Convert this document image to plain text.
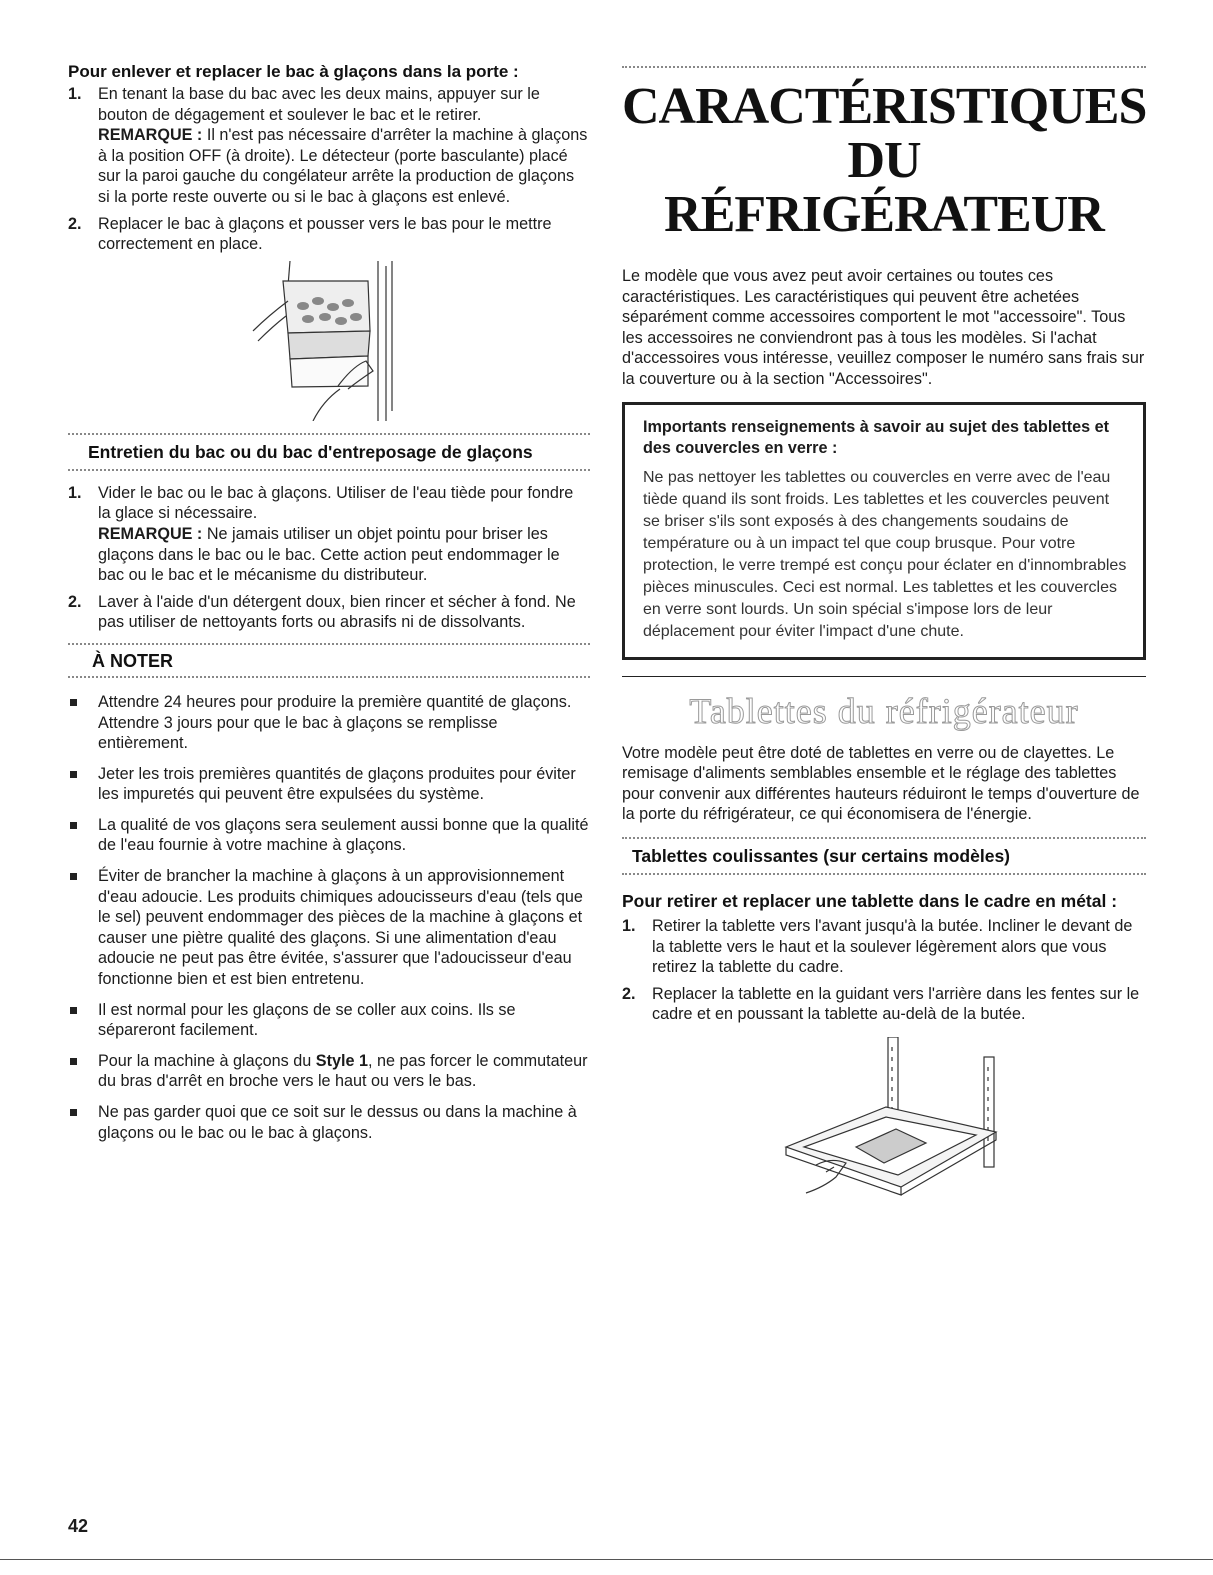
Pour enlever et replacer le bac à glaçons dans la porte :
1. En tenant la base du bac avec les deux mains, appuyer sur le bouton de dégagement et soulever le bac et le retirer.

REMARQUE : Il n'est pas nécessaire d'arrêter la machine à glaçons à la position OFF (à droite). Le détecteur (porte basculante) placé sur la paroi gauche du congélateur arrête la production de glaçons si la porte reste ouverte ou si le bac à glaçons est enlevé.

2. Replacer le bac à glaçons et pousser vers le bas pour le mettre correctement en place.

Entretien du bac ou du bac d'entreposage de glaçons
1. Vider le bac ou le bac à glaçons. Utiliser de l'eau tiède pour fondre la glace si nécessaire.

REMARQUE : Ne jamais utiliser un objet pointu pour briser les glaçons dans le bac ou le bac. Cette action peut endommager le bac ou le bac et le mécanisme du distributeur.

2. Laver à l'aide d'un détergent doux, bien rincer et sécher à fond. Ne pas utiliser de nettoyants forts ou abrasifs ni de dissolvants.

À NOTER
Attendre 24 heures pour produire la première quantité de glaçons. Attendre 3 jours pour que le bac à glaçons se remplisse entièrement.
Jeter les trois premières quantités de glaçons produites pour éviter les impuretés qui peuvent être expulsées du système.
La qualité de vos glaçons sera seulement aussi bonne que la qualité de l'eau fournie à votre machine à glaçons.
Éviter de brancher la machine à glaçons à un approvisionnement d'eau adoucie. Les produits chimiques adoucisseurs d'eau (tels que le sel) peuvent endommager des pièces de la machine à glaçons et causer une piètre qualité des glaçons. Si une alimentation d'eau adoucie ne peut pas être évitée, s'assurer que l'adoucisseur d'eau fonctionne bien et est bien entretenu.
Il est normal pour les glaçons de se coller aux coins. Ils se sépareront facilement.
Pour la machine à glaçons du Style 1, ne pas forcer le commutateur du bras d'arrêt en broche vers le haut ou vers le bas.
Ne pas garder quoi que ce soit sur le dessus ou dans la machine à glaçons ou le bac ou le bac à glaçons.
CARACTÉRISTIQUES DU
RÉFRIGÉRATEUR

Le modèle que vous avez peut avoir certaines ou toutes ces caractéristiques. Les caractéristiques qui peuvent être achetées séparément comme accessoires comportent le mot "accessoire". Tous les accessoires ne conviendront pas à tous les modèles. Si l'achat d'accessoires vous intéresse, veuillez composer le numéro sans frais sur la couverture ou à la section "Accessoires".

Importants renseignements à savoir au sujet des tablettes et des couvercles en verre :
Ne pas nettoyer les tablettes ou couvercles en verre avec de l'eau tiède quand ils sont froids. Les tablettes et les couvercles peuvent se briser s'ils sont exposés à des changements soudains de température ou à un impact tel que coup brusque. Pour votre protection, le verre trempé est conçu pour éclater en d'innombrables pièces minuscules. Ceci est normal. Les tablettes et les couvercles en verre sont lourds. Un soin spécial s'impose lors de leur déplacement pour éviter l'impact d'une chute.
Tablettes du réfrigérateur

Votre modèle peut être doté de tablettes en verre ou de clayettes. Le remisage d'aliments semblables ensemble et le réglage des tablettes pour convenir aux différentes hauteurs réduiront le temps d'ouverture de la porte du réfrigérateur, ce qui économisera de l'énergie.

Tablettes coulissantes (sur certains modèles)
Pour retirer et replacer une tablette dans le cadre en métal :
1. Retirer la tablette vers l'avant jusqu'à la butée. Incliner le devant de la tablette vers le haut et la soulever légèrement alors que vous retirez la tablette du cadre.

2. Replacer la tablette en la guidant vers l'arrière dans les fentes sur le cadre et en poussant la tablette au-delà de la butée.

42
